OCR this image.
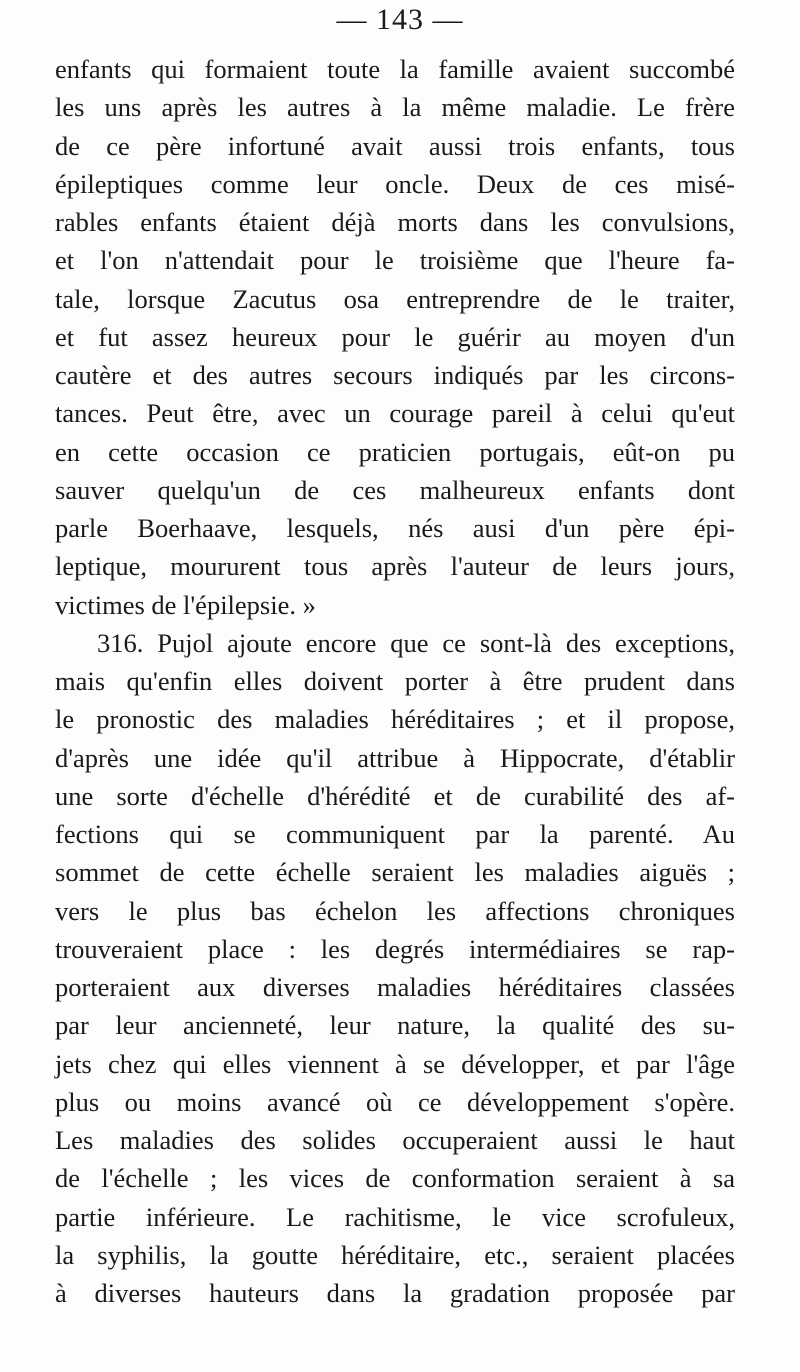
— 143 —
enfants qui formaient toute la famille avaient succombé
les uns après les autres à la même maladie. Le frère
de ce père infortuné avait aussi trois enfants, tous
épileptiques comme leur oncle. Deux de ces misé-
rables enfants étaient déjà morts dans les convulsions,
et l'on n'attendait pour le troisième que l'heure fa-
tale, lorsque Zacutus osa entreprendre de le traiter,
et fut assez heureux pour le guérir au moyen d'un
cautère et des autres secours indiqués par les circons-
tances. Peut être, avec un courage pareil à celui qu'eut
en cette occasion ce praticien portugais, eût-on pu
sauver quelqu'un de ces malheureux enfants dont
parle Boerhaave, lesquels, nés ausi d'un père épi-
leptique, moururent tous après l'auteur de leurs jours,
victimes de l'épilepsie. »
316. Pujol ajoute encore que ce sont-là des exceptions,
mais qu'enfin elles doivent porter à être prudent dans
le pronostic des maladies héréditaires ; et il propose,
d'après une idée qu'il attribue à Hippocrate, d'établir
une sorte d'échelle d'hérédité et de curabilité des af-
fections qui se communiquent par la parenté. Au
sommet de cette échelle seraient les maladies aiguës ;
vers le plus bas échelon les affections chroniques
trouveraient place : les degrés intermédiaires se rap-
porteraient aux diverses maladies héréditaires classées
par leur ancienneté, leur nature, la qualité des su-
jets chez qui elles viennent à se développer, et par l'âge
plus ou moins avancé où ce développement s'opère.
Les maladies des solides occuperaient aussi le haut
de l'échelle ; les vices de conformation seraient à sa
partie inférieure. Le rachitisme, le vice scrofuleux,
la syphilis, la goutte héréditaire, etc., seraient placées
à diverses hauteurs dans la gradation proposée par
